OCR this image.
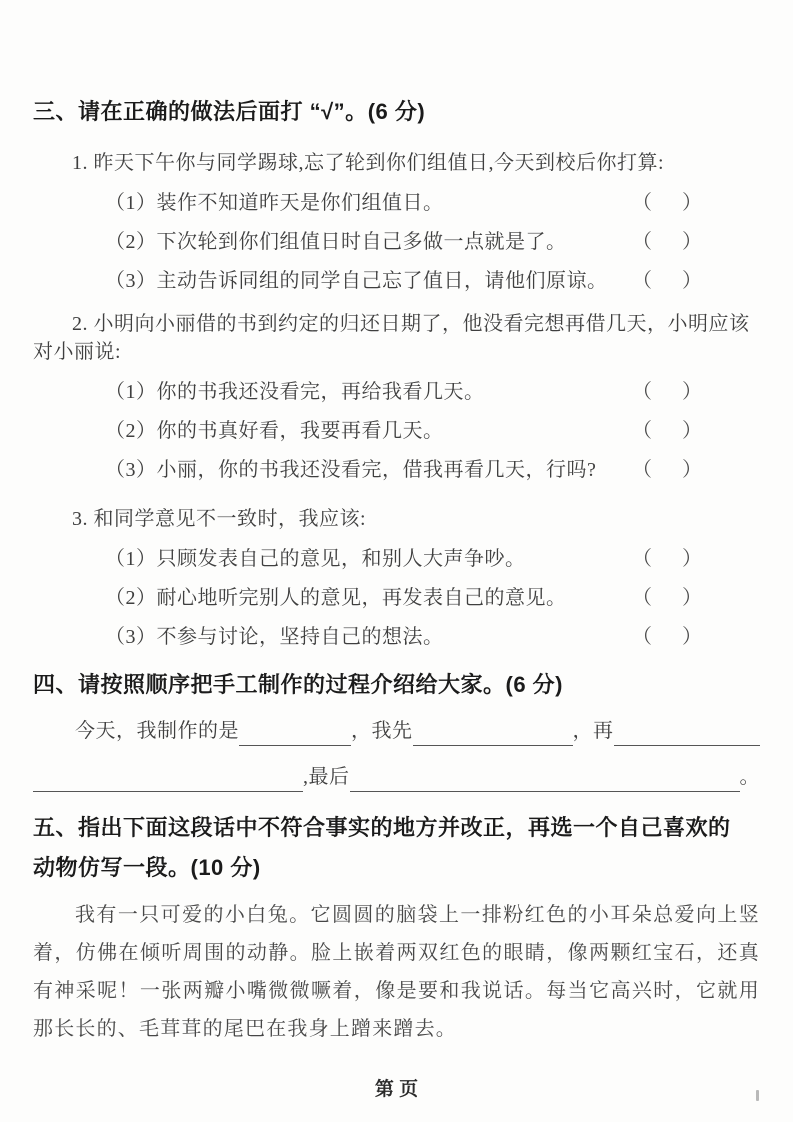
三、请在正确的做法后面打 “√”。(6 分)

1. 昨天下午你与同学踢球,忘了轮到你们组值日,今天到校后你打算:

（1）装作不知道昨天是你们组值日。	（      ）
（2）下次轮到你们组值日时自己多做一点就是了。	（      ）
（3）主动告诉同组的同学自己忘了值日，请他们原谅。 （      ）

2. 小明向小丽借的书到约定的归还日期了，他没看完想再借几天，小明应该对小丽说:

（1）你的书我还没看完，再给我看几天。	（      ）
（2）你的书真好看，我要再看几天。	（      ）
（3）小丽，你的书我还没看完，借我再看几天，行吗? （      ）

3. 和同学意见不一致时，我应该:

（1）只顾发表自己的意见，和别人大声争吵。	（      ）
（2）耐心地听完别人的意见，再发表自己的意见。	（      ）
（3）不参与讨论，坚持自己的想法。	（      ）
四、请按照顺序把手工制作的过程介绍给大家。(6 分)
今天，我制作的是	，我先	，再
,最后	。
五、指出下面这段话中不符合事实的地方并改正，再选一个自己喜欢的
动物仿写一段。(10 分)

我有一只可爱的小白兔。它圆圆的脑袋上一排粉红色的小耳朵总爱向上竖着，仿佛在倾听周围的动静。脸上嵌着两双红色的眼睛，像两颗红宝石，还真有神采呢！一张两瓣小嘴微微噘着，像是要和我说话。每当它高兴时，它就用那长长的、毛茸茸的尾巴在我身上蹭来蹭去。

第 页
